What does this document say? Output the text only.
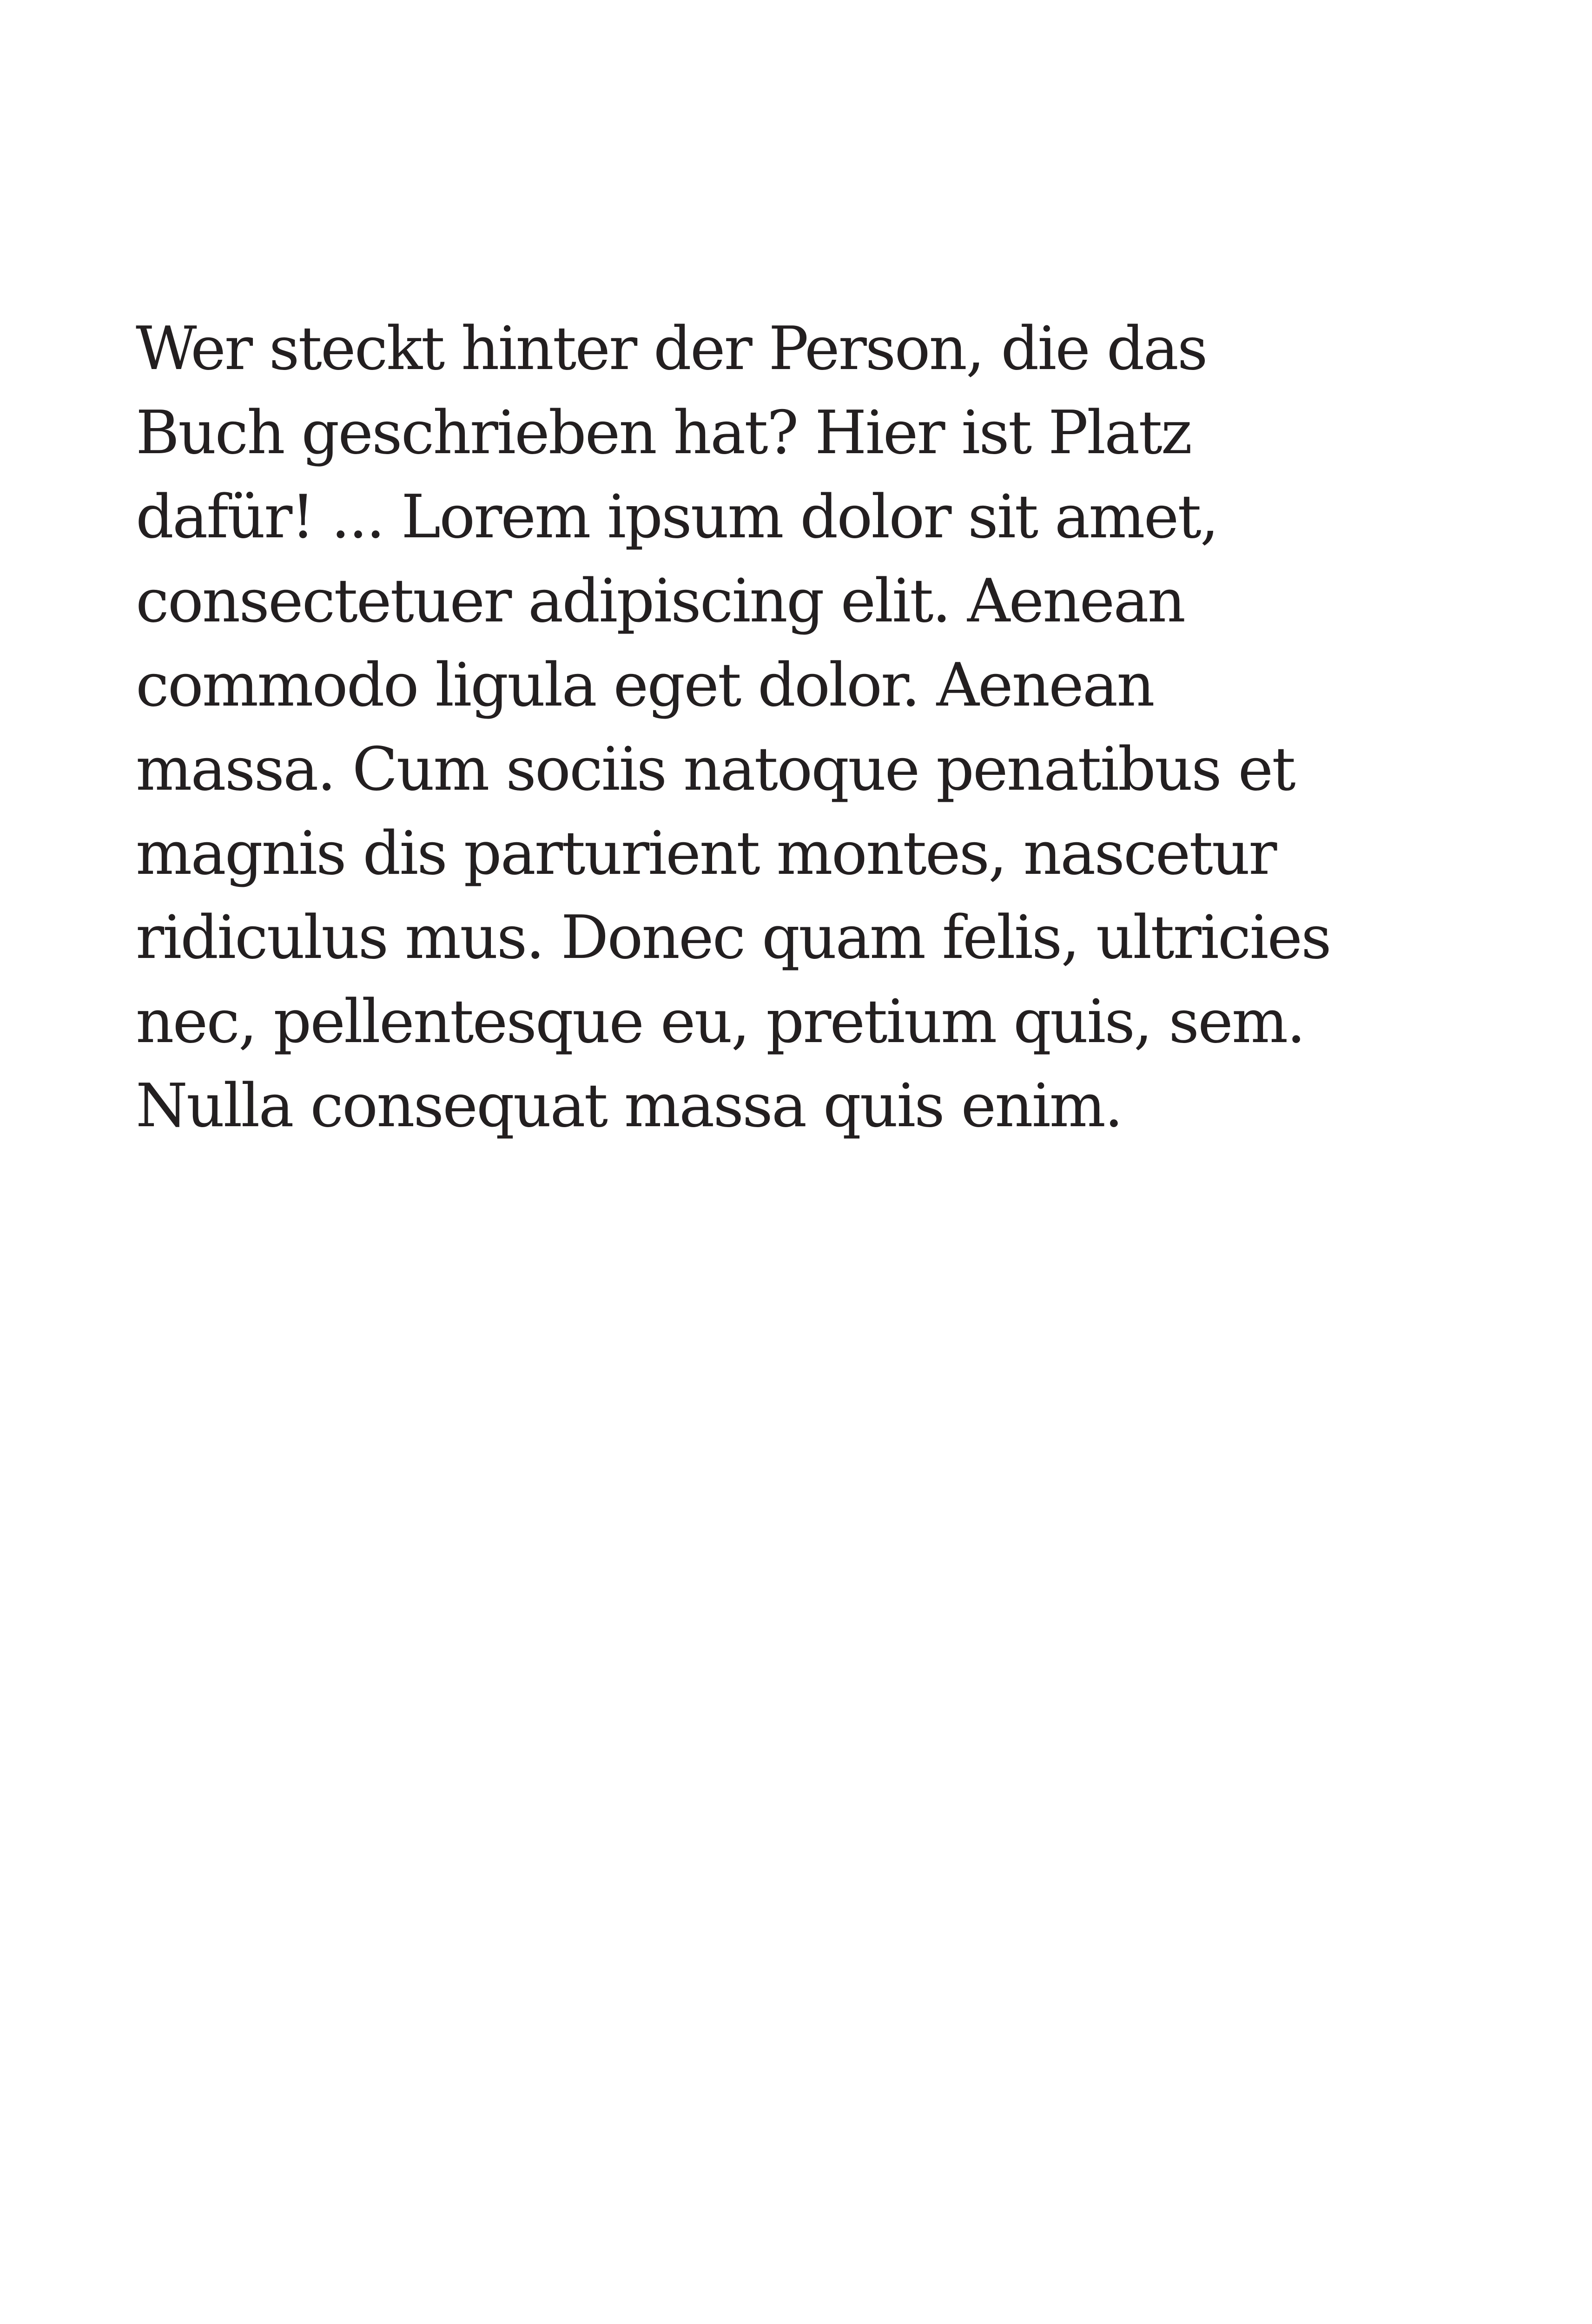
Wer steckt hinter der Person, die das
Buch geschrieben hat? Hier ist Platz
dafür! ... Lorem ipsum dolor sit amet,
consectetuer adipiscing elit. Aenean
commodo ligula eget dolor. Aenean
massa. Cum sociis natoque penatibus et
magnis dis parturient montes, nascetur
ridiculus mus. Donec quam felis, ultricies
nec, pellentesque eu, pretium quis, sem.
Nulla consequat massa quis enim.
